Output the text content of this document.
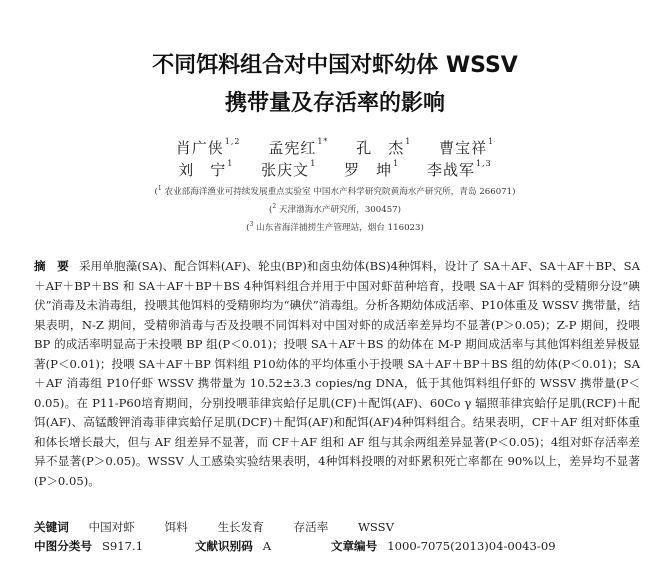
不同饵料组合对中国对虾幼体 WSSV
携带量及存活率的影响
肖广侠$^{1,2}$ 孟宪红$^{1*}$ 孔　杰$^1$ 曹宝祥$^1$
刘　宁$^1$ 张庆文$^1$ 罗　坤$^1$ 李战军$^{1,3}$
($^1$ 农业部海洋渔业可持续发展重点实验室 中国水产科学研究院黄海水产研究所，青岛 266071)
($^2$ 天津渤海水产研究所，300457)
($^3$ 山东省海洋捕捞生产管理站，烟台 116023)

摘　要 采用单胞藻(SA)、配合饵料(AF)、轮虫(BP)和卤虫幼体(BS)4种饵料，设计了 SA＋AF、SA＋AF＋BP、SA＋AF＋BP＋BS 和 SA＋AF＋BP＋BS 4种饵料组合并用于中国对虾苗种培育，投喂 SA＋AF 饵料的受精卵分设“碘伏”消毒及未消毒组，投喂其他饵料的受精卵均为“碘伏”消毒组。分析各期幼体成活率、P10体重及 WSSV 携带量，结果表明，N-Z 期间，受精卵消毒与否及投喂不同饵料对中国对虾的成活率差异均不显著(P＞0.05)；Z-P 期间，投喂 BP 的成活率明显高于未投喂 BP 组(P＜0.01)；投喂 SA＋AF＋BS 的幼体在 M-P 期间成活率与其他饵料组差异极显著(P＜0.01)；投喂 SA＋AF＋BP 饵料组 P10幼体的平均体重小于投喂 SA＋AF＋BP＋BS 组的幼体(P＜0.01)；SA＋AF 消毒组 P10仔虾 WSSV 携带量为 10.52±3.3 copies/ng DNA，低于其他饵料组仔虾的 WSSV 携带量(P＜0.05)。在 P11-P60培育期间，分别投喂菲律宾蛤仔足肌(CF)＋配饵(AF)、60Co γ 辐照菲律宾蛤仔足肌(RCF)＋配饵(AF)、高锰酸钾消毒菲律宾蛤仔足肌(DCF)＋配饵(AF)和配饵(AF)4种饵料组合。结果表明，CF＋AF 组对虾体重和体长增长最大，但与 AF 组差异不显著，而 CF＋AF 组和 AF 组与其余两组差异显著(P＜0.05)；4组对虾存活率差异不显著(P＞0.05)。WSSV 人工感染实验结果表明，4种饵料投喂的对虾累积死亡率都在 90%以上，差异均不显著(P＞0.05)。

关键词 中国对虾	饵料	生长发育	存活率	WSSV
中图分类号 S917.1	文献识别码 A	文章编号 1000-7075(2013)04-0043-09
